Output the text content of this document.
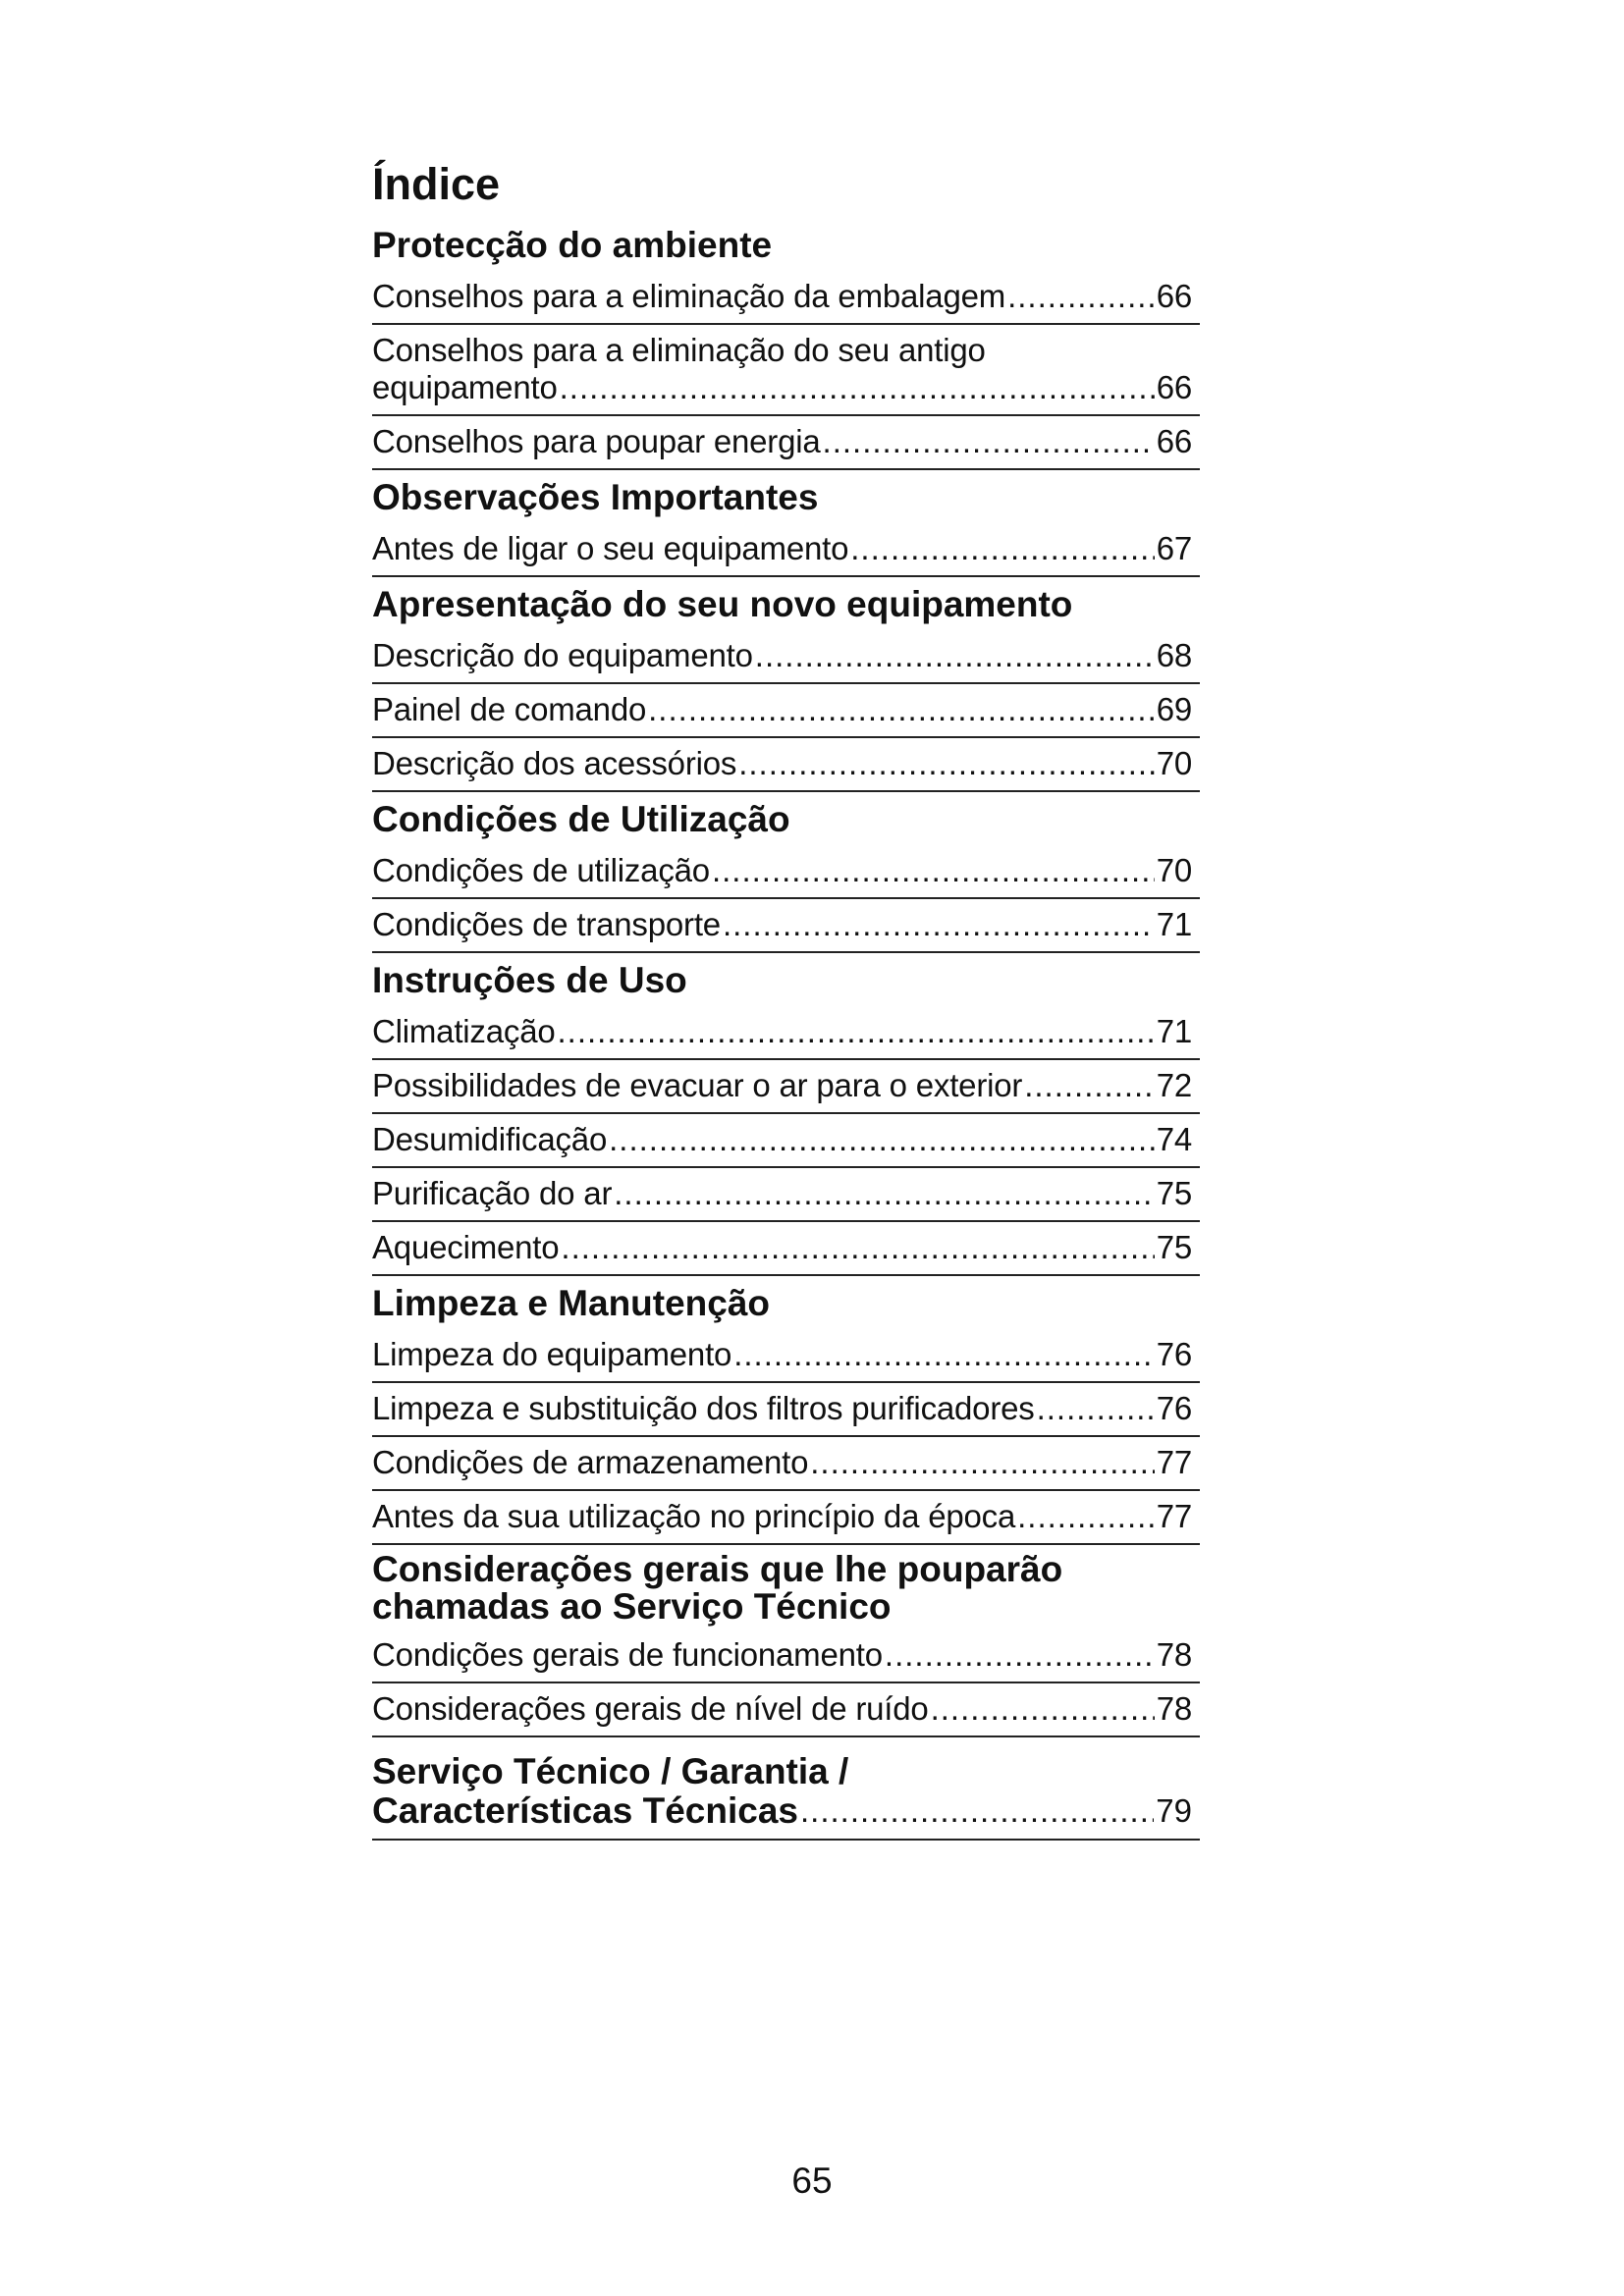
Índice
Protecção do ambiente
Conselhos para a eliminação da embalagem .....	66
Conselhos para a eliminação do seu antigo
equipamento .....	66
Conselhos para poupar energia .....	66
Observações Importantes
Antes de ligar o seu equipamento .....	67
Apresentação do seu novo equipamento
Descrição do equipamento .....	68
Painel de comando .....	69
Descrição dos acessórios .....	70
Condições de Utilização
Condições de utilização .....	70
Condições de transporte .....	71
Instruções de Uso
Climatização .....	71
Possibilidades de evacuar o ar para o exterior .....	72
Desumidificação .....	74
Purificação do ar .....	75
Aquecimento .....	75
Limpeza e Manutenção
Limpeza do equipamento .....	76
Limpeza e substituição dos filtros purificadores .....	76
Condições de armazenamento .....	77
Antes da sua utilização no princípio da época .....	77
Considerações gerais que lhe pouparão chamadas ao Serviço Técnico
Condições gerais de funcionamento .....	78
Considerações gerais de nível de ruído .....	78
Serviço Técnico / Garantia /
Características Técnicas .....	79
65
